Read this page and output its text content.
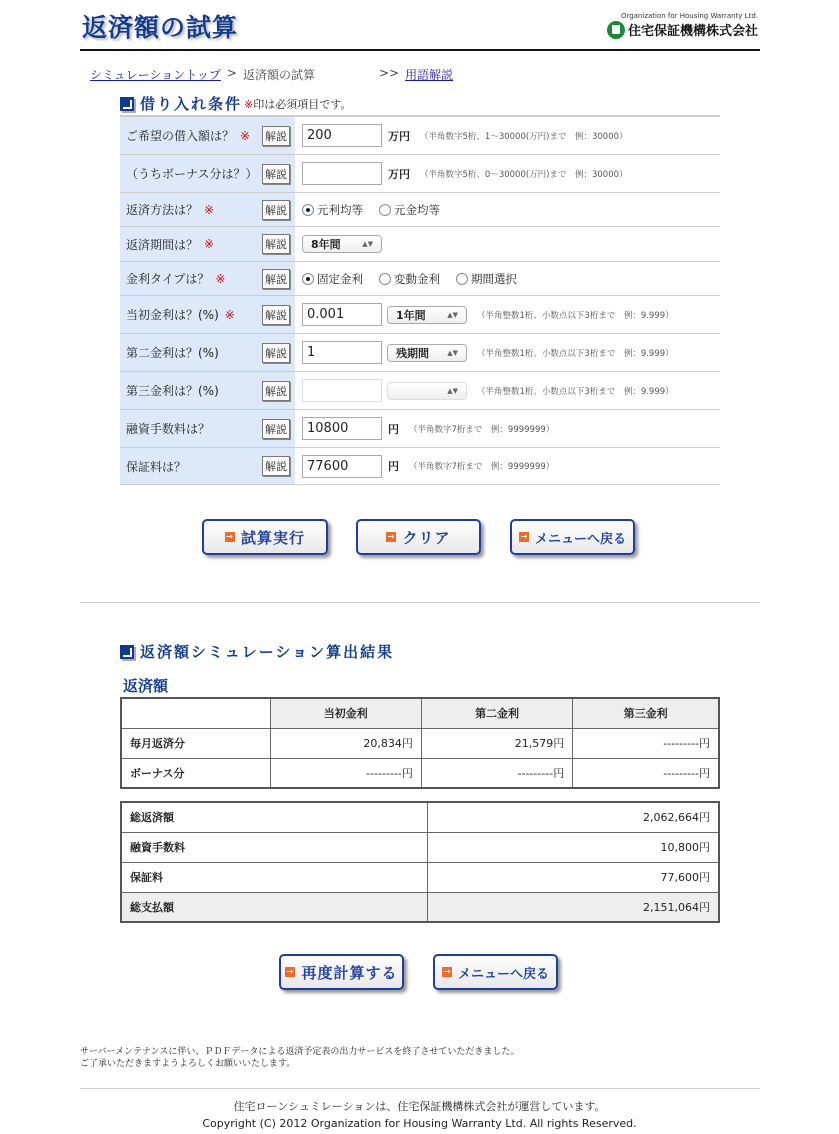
返済額の試算	Organization for Housing Warranty Ltd.
住宅保証機構株式会社
シミュレーショントップ > 返済額の試算	>> 用語解説
借り入れ条件 ※印は必須項目です。
ご希望の借入額は？ ※ 解説	200	万円 （半角数字5桁、1～30000(万円)まで　例：30000）
（うちボーナス分は？） 解説	万円 （半角数字5桁、0～30000(万円)まで　例：30000）
返済方法は？ ※	解説	元利均等	元金均等
返済期間は？ ※	解説 8年間	▲▼
金利タイプは？ ※	解説	固定金利	変動金利	期間選択
当初金利は？(%) ※	解説	0.001	1年間	▲▼ （半角整数1桁、小数点以下3桁まで　例：9.999）
第二金利は？(%)	解説	1	残期間	▲▼ （半角整数1桁、小数点以下3桁まで　例：9.999）
第三金利は？(%)	解説	▲▼ （半角整数1桁、小数点以下3桁まで　例：9.999）
融資手数料は？	解説	10800	円 （半角数字7桁まで　例：9999999）
保証料は？	解説	77600	円 （半角数字7桁まで　例：9999999）
→ 試算実行	→ クリア	→ メニューへ戻る
返済額シミュレーション算出結果
返済額
	当初金利	第二金利	第三金利
毎月返済分	20,834円	21,579円	---------円
ボーナス分	---------円	---------円	---------円
総返済額	2,062,664円
融資手数料	10,800円
保証料	77,600円
総支払額	2,151,064円
→ 再度計算する	→ メニューへ戻る
サーバーメンテナンスに伴い、ＰＤＦデータによる返済予定表の出力サービスを終了させていただきました。
ご了承いただきますようよろしくお願いいたします。
住宅ローンシュミレーションは、住宅保証機構株式会社が運営しています。
Copyright (C) 2012 Organization for Housing Warranty Ltd. All rights Reserved.
